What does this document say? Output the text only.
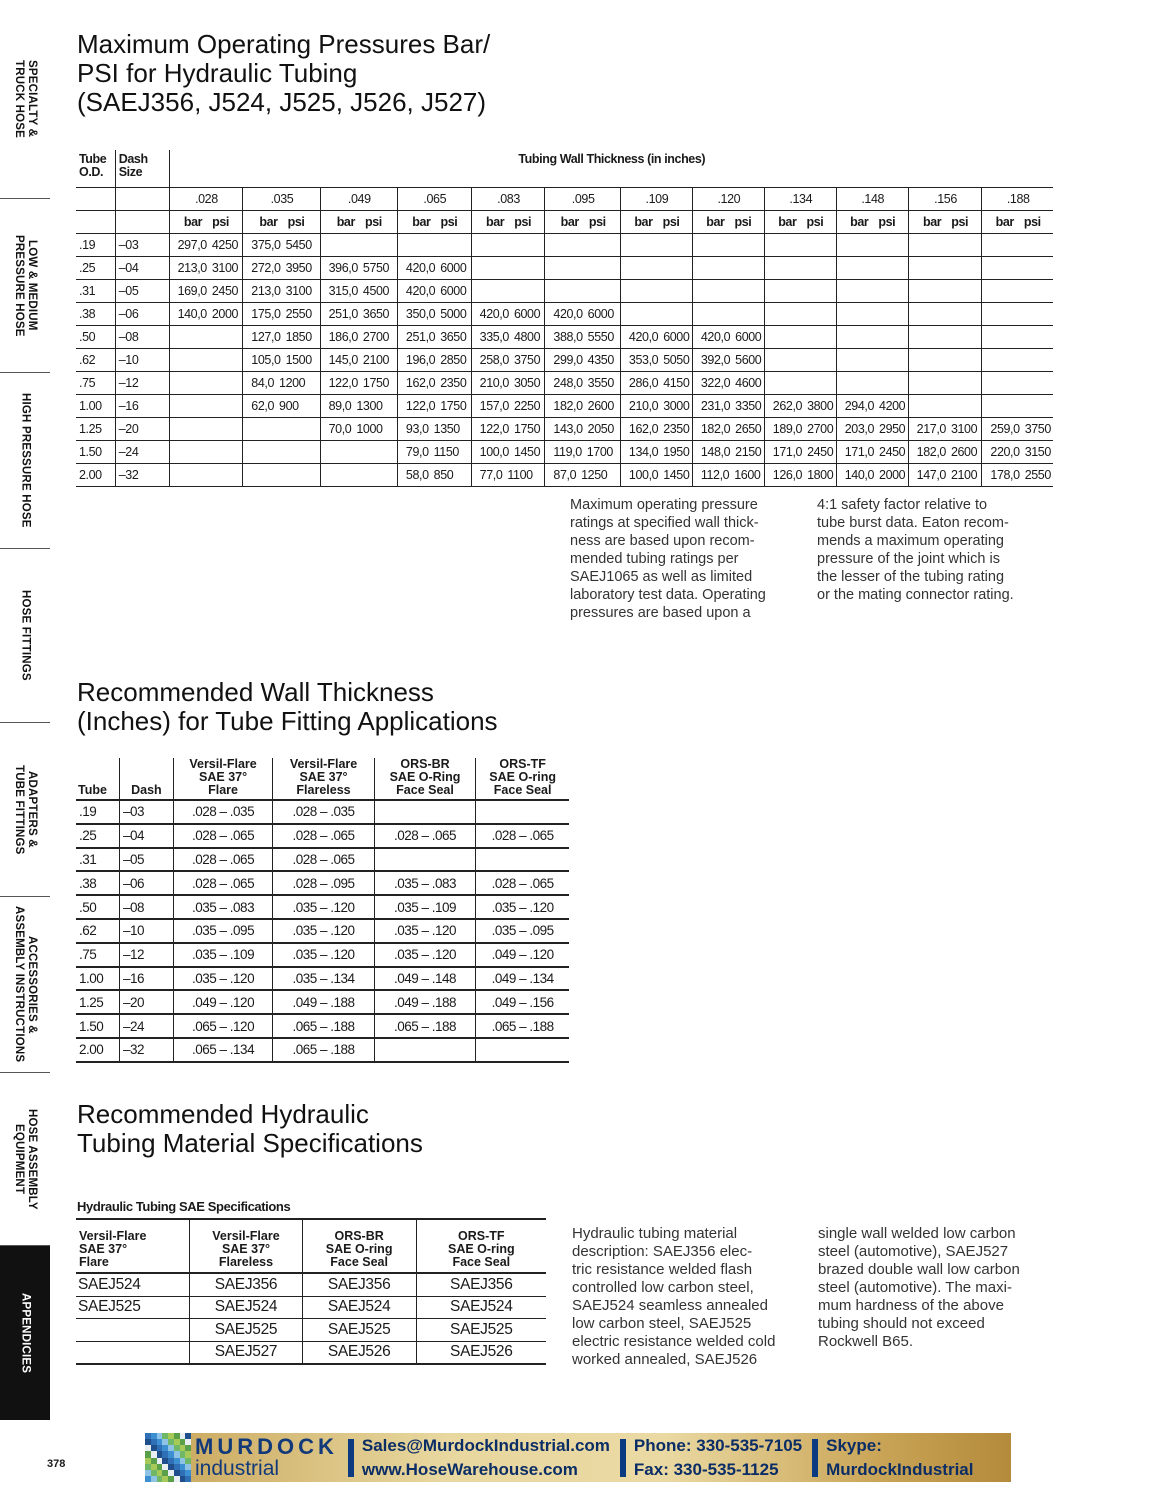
SPECIALTY &
TRUCK HOSE
LOW & MEDIUM
PRESSURE HOSE
HIGH PRESSURE HOSE
HOSE FITTINGS
ADAPTERS &
TUBE FITTINGS
ACCESSORIES &
ASSEMBLY INSTRUCTIONS
HOSE ASSEMBLY
EQUIPMENT
APPENDICIES
Maximum Operating Pressures Bar/
PSI for Hydraulic Tubing
(SAEJ356, J524, J525, J526, J527)
Tube
O.D.	Dash
Size	Tubing Wall Thickness (in inches)											
		.028	.035	.049	.065	.083	.095	.109	.120	.134	.148	.156	.188
		bar psi	bar psi	bar psi	bar psi	bar psi	bar psi	bar psi	bar psi	bar psi	bar psi	bar psi	bar psi
.19	–03	297,0 4250	375,0 5450										
.25	–04	213,0 3100	272,0 3950	396,0 5750	420,0 6000								
.31	–05	169,0 2450	213,0 3100	315,0 4500	420,0 6000								
.38	–06	140,0 2000	175,0 2550	251,0 3650	350,0 5000	420,0 6000	420,0 6000						
.50	–08		127,0 1850	186,0 2700	251,0 3650	335,0 4800	388,0 5550	420,0 6000	420,0 6000				
.62	–10		105,0 1500	145,0 2100	196,0 2850	258,0 3750	299,0 4350	353,0 5050	392,0 5600				
.75	–12		84,0 1200	122,0 1750	162,0 2350	210,0 3050	248,0 3550	286,0 4150	322,0 4600				
1.00	–16		62,0 900	89,0 1300	122,0 1750	157,0 2250	182,0 2600	210,0 3000	231,0 3350	262,0 3800	294,0 4200		
1.25	–20			70,0 1000	93,0 1350	122,0 1750	143,0 2050	162,0 2350	182,0 2650	189,0 2700	203,0 2950	217,0 3100	259,0 3750
1.50	–24				79,0 1150	100,0 1450	119,0 1700	134,0 1950	148,0 2150	171,0 2450	171,0 2450	182,0 2600	220,0 3150
2.00	–32				58,0 850	77,0 1100	87,0 1250	100,0 1450	112,0 1600	126,0 1800	140,0 2000	147,0 2100	178,0 2550
Maximum operating pressure
ratings at specified wall thick-
ness are based upon recom-
mended tubing ratings per
SAEJ1065 as well as limited
laboratory test data. Operating
pressures are based upon a
4:1 safety factor relative to
tube burst data. Eaton recom-
mends a maximum operating
pressure of the joint which is
the lesser of the tubing rating
or the mating connector rating.
Recommended Wall Thickness
(Inches) for Tube Fitting Applications
Tube	Dash	Versil-Flare
SAE 37°
Flare	Versil-Flare
SAE 37°
Flareless	ORS-BR
SAE O-Ring
Face Seal	ORS-TF
SAE O-ring
Face Seal
.19	–03	.028 – .035	.028 – .035		
.25	–04	.028 – .065	.028 – .065	.028 – .065	.028 – .065
.31	–05	.028 – .065	.028 – .065		
.38	–06	.028 – .065	.028 – .095	.035 – .083	.028 – .065
.50	–08	.035 – .083	.035 – .120	.035 – .109	.035 – .120
.62	–10	.035 – .095	.035 – .120	.035 – .120	.035 – .095
.75	–12	.035 – .109	.035 – .120	.035 – .120	.049 – .120
1.00	–16	.035 – .120	.035 – .134	.049 – .148	.049 – .134
1.25	–20	.049 – .120	.049 – .188	.049 – .188	.049 – .156
1.50	–24	.065 – .120	.065 – .188	.065 – .188	.065 – .188
2.00	–32	.065 – .134	.065 – .188		
Recommended Hydraulic
Tubing Material Specifications
Hydraulic Tubing SAE Specifications
Versil-Flare
SAE 37°
Flare	Versil-Flare
SAE 37°
Flareless	ORS-BR
SAE O-ring
Face Seal	ORS-TF
SAE O-ring
Face Seal
SAEJ524	SAEJ356	SAEJ356	SAEJ356
SAEJ525	SAEJ524	SAEJ524	SAEJ524
	SAEJ525	SAEJ525	SAEJ525
	SAEJ527	SAEJ526	SAEJ526
Hydraulic tubing material
description: SAEJ356 elec-
tric resistance welded flash
controlled low carbon steel,
SAEJ524 seamless annealed
low carbon steel, SAEJ525
electric resistance welded cold
worked annealed, SAEJ526
single wall welded low carbon
steel (automotive), SAEJ527
brazed double wall low carbon
steel (automotive). The maxi-
mum hardness of the above
tubing should not exceed
Rockwell B65.
378
MURDOCK
industrial
Sales@MurdockIndustrial.com
www.HoseWarehouse.com
Phone: 330-535-7105
Fax: 330-535-1125
Skype:
MurdockIndustrial
